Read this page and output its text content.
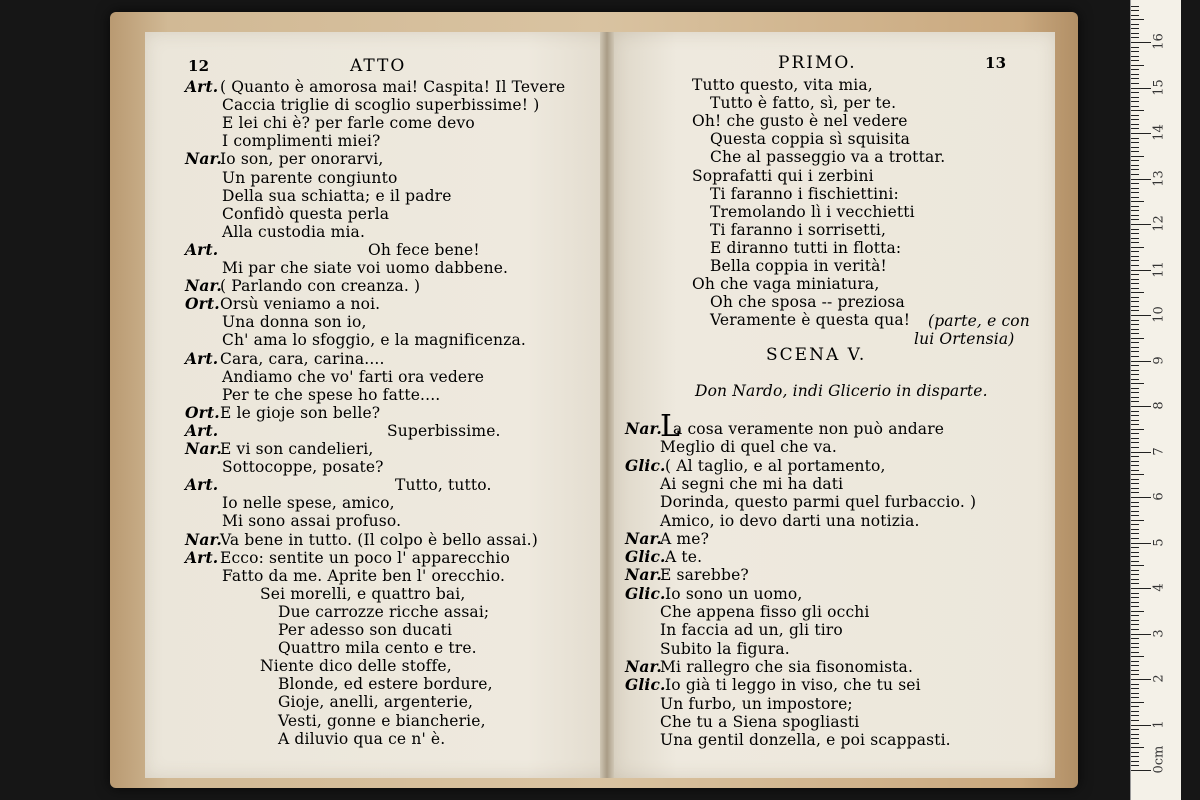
Art. ( Quanto è amorosa mai! Caspita! Il Tevere
Caccia triglie di scoglio superbissime! )
E lei chi è? per farle come devo
I complimenti miei?
Nar.
Io son, per onorarvi,
Un parente congiunto
Della sua schiatta; e il padre
Confidò questa perla
Alla custodia mia.
Art.	Oh fece bene!
Mi par che siate voi uomo dabbene.
Nar.
( Parlando con creanza. )
Ort. Orsù veniamo a noi.
Una donna son io,
Ch' ama lo sfoggio, e la magnificenza.
Art. Cara, cara, carina....
Andiamo che vo' farti ora vedere
Per te che spese ho fatte....
Ort. E le gioje son belle?
Art.	Superbissime.
Nar.
E vi son candelieri,
Sottocoppe, posate?
Art.	Tutto, tutto.
Io nelle spese, amico,
Mi sono assai profuso.
Nar.
Va bene in tutto. (Il colpo è bello assai.)
Art. Ecco: sentite un poco l' apparecchio
Fatto da me. Aprite ben l' orecchio.
Sei morelli, e quattro bai,
Due carrozze ricche assai;
Per adesso son ducati
Quattro mila cento e tre.
Niente dico delle stoffe,
Blonde, ed estere bordure,
Gioje, anelli, argenterie,
Vesti, gonne e biancherie,
A diluvio qua ce n' è.
Tutto questo, vita mia,
Tutto è fatto, sì, per te.
Oh! che gusto è nel vedere
Questa coppia sì squisita
Che al passeggio va a trottar.
Soprafatti qui i zerbini
Ti faranno i fischiettini:
Tremolando lì i vecchietti
Ti faranno i sorrisetti,
E diranno tutti in flotta:
Bella coppia in verità!
Oh che vaga miniatura,
Oh che sposa -- preziosa
Veramente è questa qua!
Nar. a cosa veramente non può andare
Meglio di quel che va.
Glic. ( Al taglio, e al portamento,
Ai segni che mi ha dati
Dorinda, questo parmi quel furbaccio. )
Amico, io devo darti una notizia.
Nar.
A me?
Glic. A te.
Nar.
E sarebbe?
Glic. Io sono un uomo,
Che appena fisso gli occhi
In faccia ad un, gli tiro
Subito la figura.
Nar.
Mi rallegro che sia fisonomista.
Glic. Io già ti leggo in viso, che tu sei
Un furbo, un impostore;
Che tu a Siena spogliasti
Una gentil donzella, e poi scappasti.
12	ATTO	PRIMO.	13
(parte, e con
lui Ortensia)
SCENA V.
Don Nardo, indi Glicerio in disparte.
L
0cm
1
2
3
4
5
6
7
8
9
10
11
12
13
14
15
16
